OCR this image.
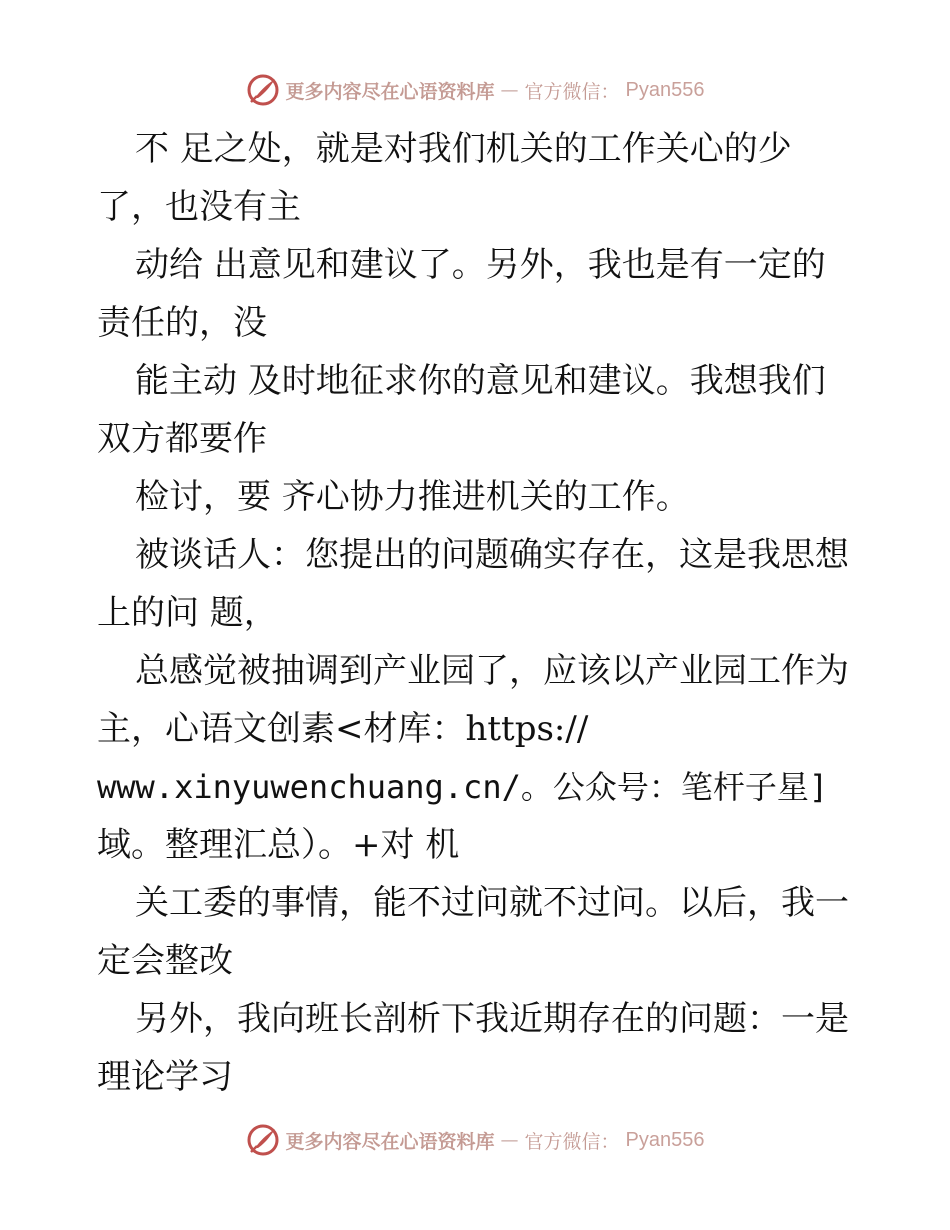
更多内容尽在心语资料库 — 官方微信： Pyan556
不 足之处，就是对我们机关的工作关心的少
了，也没有主
动给 出意见和建议了。另外，我也是有一定的
责任的，没
能主动 及时地征求你的意见和建议。我想我们
双方都要作
检讨，要 齐心协力推进机关的工作。
被谈话人：您提出的问题确实存在，这是我思想
上的问 题，
总感觉被抽调到产业园了，应该以产业园工作为
主，心语文创素<材库：https://
www.xinyuwenchuang.cn/。公众号：笔杆子星]
域。整理汇总）。+对 机
关工委的事情，能不过问就不过问。以后，我一
定会整改
另外，我向班长剖析下我近期存在的问题：一是
理论学习
更多内容尽在心语资料库 — 官方微信： Pyan556
